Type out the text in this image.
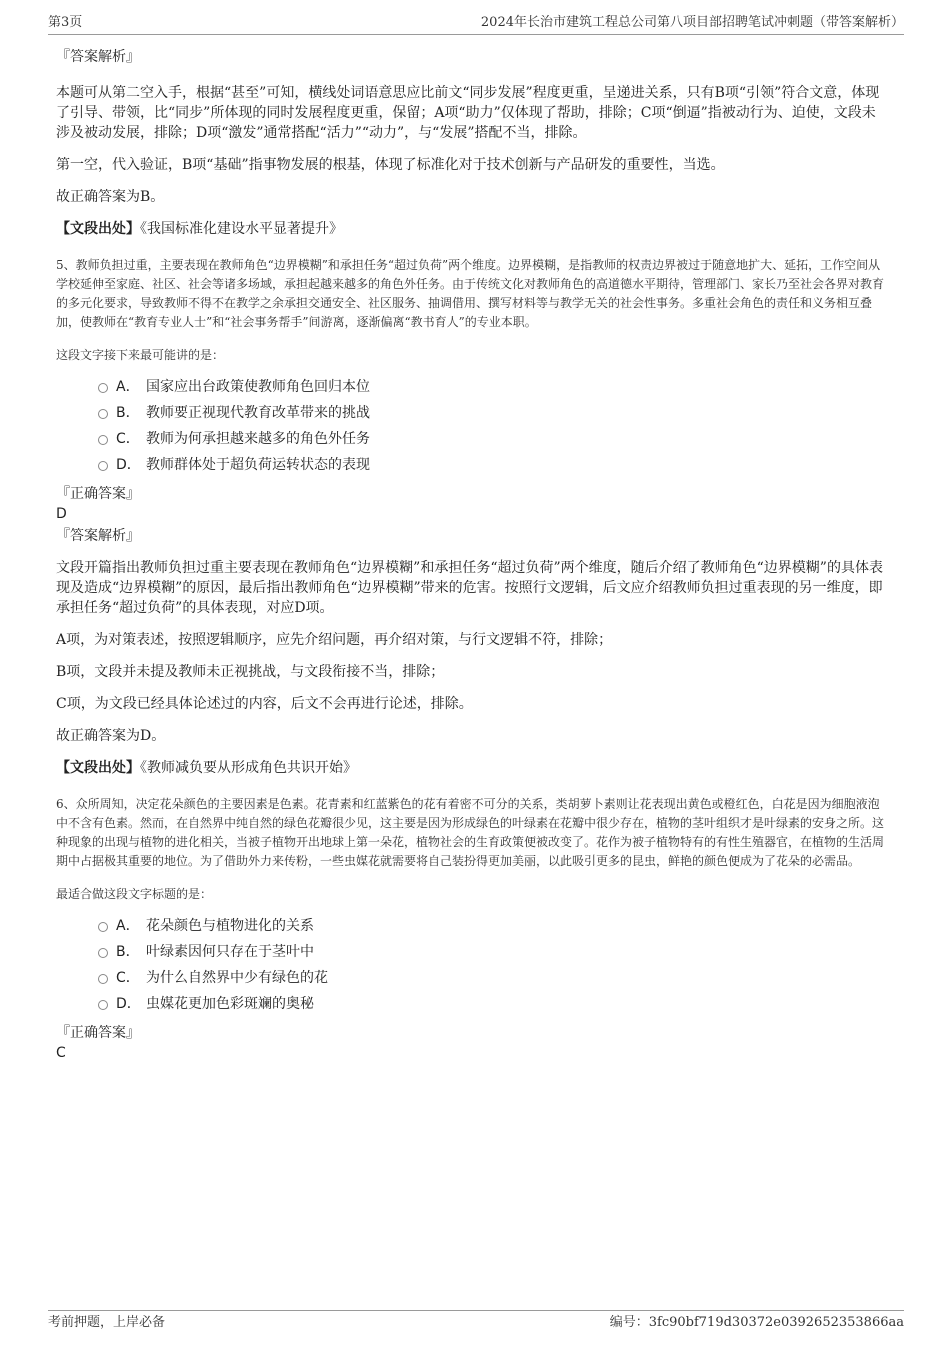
第3页	2024年长治市建筑工程总公司第八项目部招聘笔试冲刺题（带答案解析）

『答案解析』

本题可从第二空入手，根据“甚至”可知，横线处词语意思应比前文“同步发展”程度更重，呈递进关系，只有B项“引领”符合文意，体现了引导、带领，比“同步”所体现的同时发展程度更重，保留；A项“助力”仅体现了帮助，排除；C项“倒逼”指被动行为、迫使，文段未涉及被动发展，排除；D项“激发”通常搭配“活力”“动力”，与“发展”搭配不当，排除。

第一空，代入验证，B项“基础”指事物发展的根基，体现了标准化对于技术创新与产品研发的重要性，当选。

故正确答案为B。

【文段出处】《我国标准化建设水平显著提升》

5、教师负担过重，主要表现在教师角色“边界模糊”和承担任务“超过负荷”两个维度。边界模糊，是指教师的权责边界被过于随意地扩大、延拓，工作空间从学校延伸至家庭、社区、社会等诸多场域，承担起越来越多的角色外任务。由于传统文化对教师角色的高道德水平期待，管理部门、家长乃至社会各界对教育的多元化要求，导致教师不得不在教学之余承担交通安全、社区服务、抽调借用、撰写材料等与教学无关的社会性事务。多重社会角色的责任和义务相互叠加，使教师在“教育专业人士”和“社会事务帮手”间游离，逐渐偏离“教书育人”的专业本职。

这段文字接下来最可能讲的是：

A． 国家应出台政策使教师角色回归本位
B． 教师要正视现代教育改革带来的挑战
C． 教师为何承担越来越多的角色外任务
D． 教师群体处于超负荷运转状态的表现

『正确答案』

D

『答案解析』

文段开篇指出教师负担过重主要表现在教师角色“边界模糊”和承担任务“超过负荷”两个维度，随后介绍了教师角色“边界模糊”的具体表现及造成“边界模糊”的原因，最后指出教师角色“边界模糊”带来的危害。按照行文逻辑，后文应介绍教师负担过重表现的另一维度，即承担任务“超过负荷”的具体表现，对应D项。

A项，为对策表述，按照逻辑顺序，应先介绍问题，再介绍对策，与行文逻辑不符，排除；

B项，文段并未提及教师未正视挑战，与文段衔接不当，排除；

C项，为文段已经具体论述过的内容，后文不会再进行论述，排除。

故正确答案为D。

【文段出处】《教师减负要从形成角色共识开始》

6、众所周知，决定花朵颜色的主要因素是色素。花青素和红蓝紫色的花有着密不可分的关系，类胡萝卜素则让花表现出黄色或橙红色，白花是因为细胞液泡中不含有色素。然而，在自然界中纯自然的绿色花瓣很少见，这主要是因为形成绿色的叶绿素在花瓣中很少存在，植物的茎叶组织才是叶绿素的安身之所。这种现象的出现与植物的进化相关，当被子植物开出地球上第一朵花，植物社会的生育政策便被改变了。花作为被子植物特有的有性生殖器官，在植物的生活周期中占据极其重要的地位。为了借助外力来传粉，一些虫媒花就需要将自己装扮得更加美丽，以此吸引更多的昆虫，鲜艳的颜色便成为了花朵的必需品。

最适合做这段文字标题的是：

A． 花朵颜色与植物进化的关系
B． 叶绿素因何只存在于茎叶中
C． 为什么自然界中少有绿色的花
D． 虫媒花更加色彩斑斓的奥秘

『正确答案』

C

考前押题，上岸必备	编号：3fc90bf719d30372e0392652353866aa
